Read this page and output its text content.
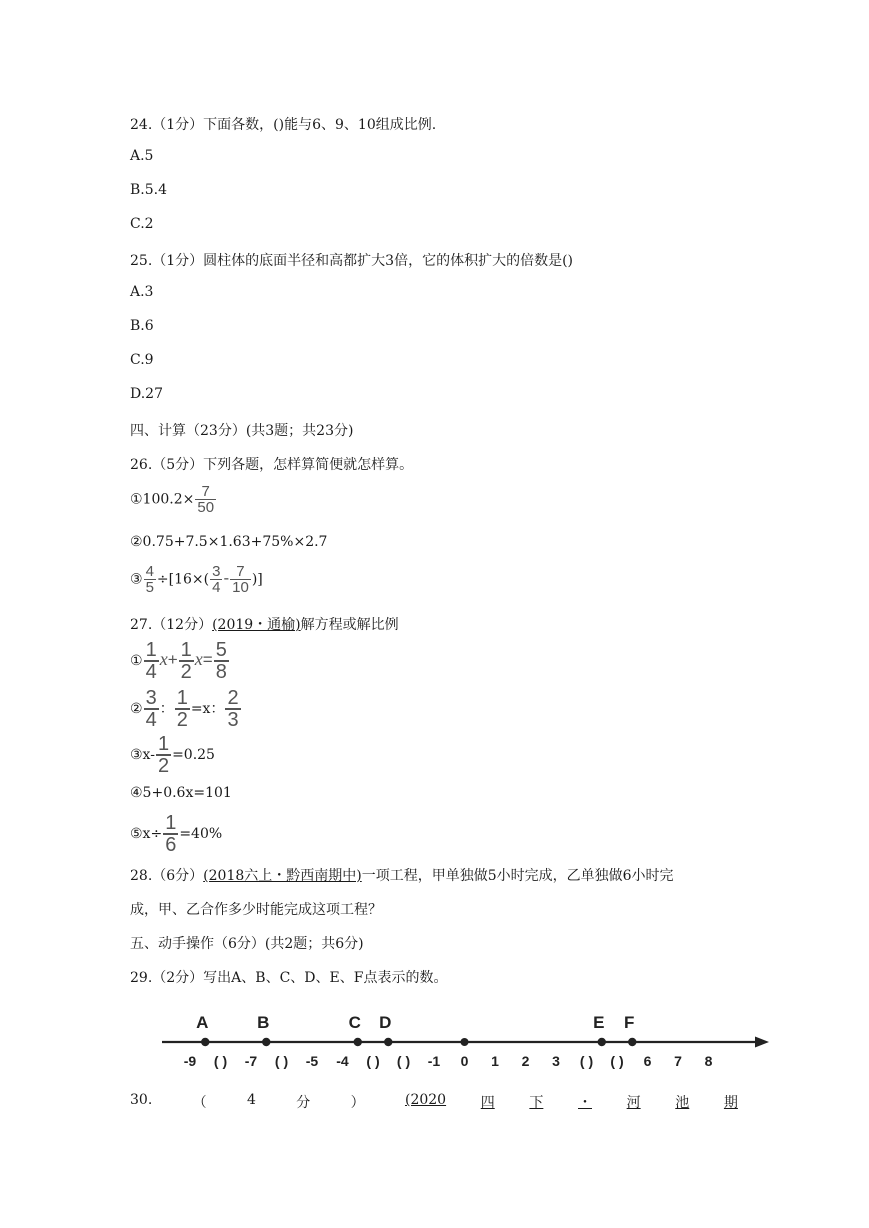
24.（1分）下面各数，()能与6、9、10组成比例.
A.5
B.5.4
C.2
25.（1分）圆柱体的底面半径和高都扩大3倍，它的体积扩大的倍数是()
A.3
B.6
C.9
D.27
四、计算（23分）(共3题；共23分)
26.（5分）下列各题，怎样算简便就怎样算。
①100.2× $\frac{7}{50}$
②0.75+7.5×1.63+75%×2.7
③ $\frac{4}{5} \div[16\times( \frac{3}{4} - \frac{7}{10}$ )]
27.（12分）(2019・通榆)解方程或解比例
① $\frac{1}{4} x+ \frac{1}{2} x= \frac{5}{8}$
② $\frac{3}{4}$ ： $\frac{1}{2} =x$： $\frac{2}{3}$
③x- $\frac{1}{2} =0.25$
④5+0.6x=101
⑤x÷ $\frac{1}{6} =40\%$
28.（6分）(2018六上・黔西南期中)一项工程，甲单独做5小时完成，乙单独做6小时完
成，甲、乙合作多少时能完成这项工程？
五、动手操作（6分）(共2题；共6分)
29.（2分）写出A、B、C、D、E、F点表示的数。
-9 ( ) -7 ( ) -5 -4 ( ) ( ) -1 0 1 2 3 ( ) ( ) 6 7 8
A	B	C D	E F
30.	（	4	分	）	(2020 四 下 ・ 河 池 期
